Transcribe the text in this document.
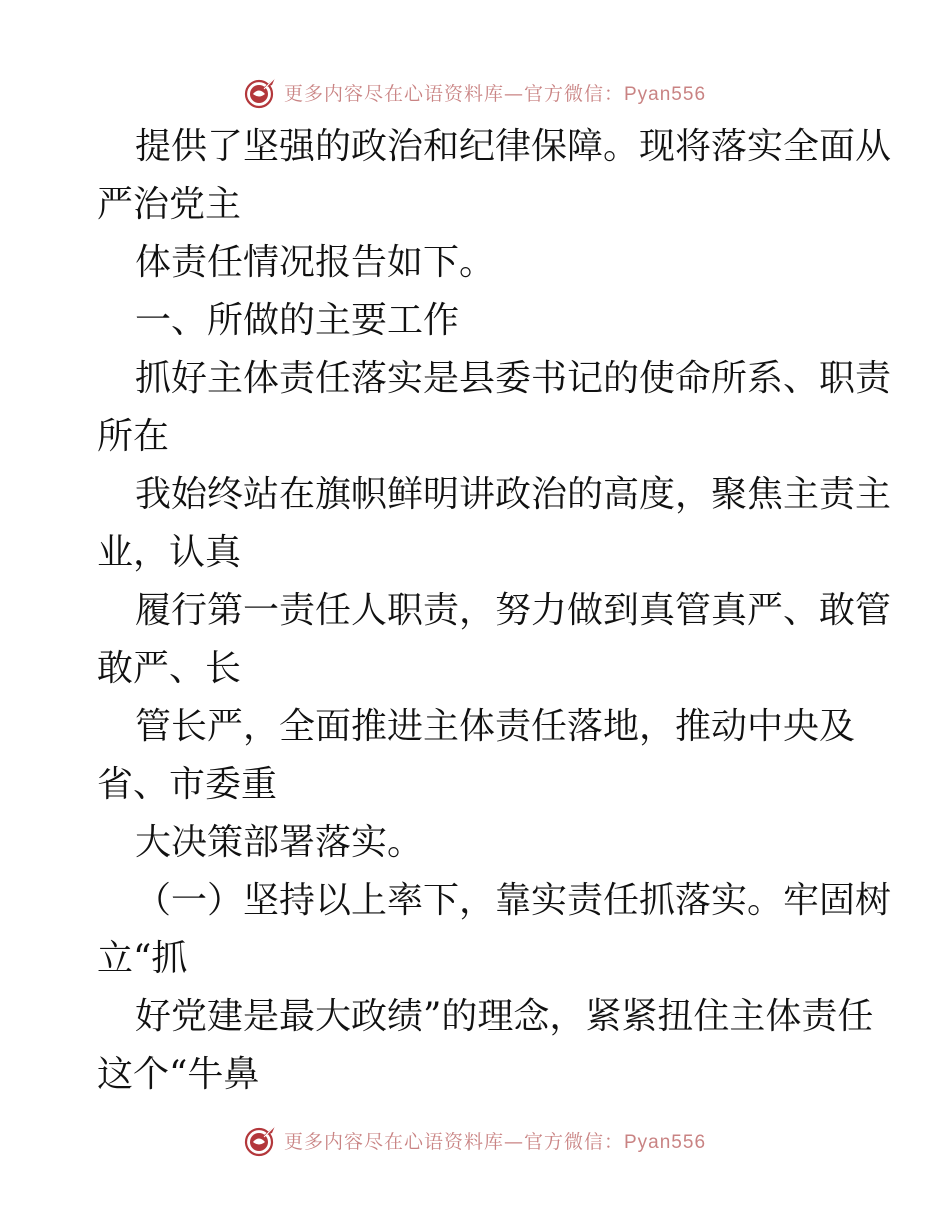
更多内容尽在心语资料库—官方微信：Pyan556

提供了坚强的政治和纪律保障。现将落实全面从

严治党主

体责任情况报告如下。

一、所做的主要工作

抓好主体责任落实是县委书记的使命所系、职责

所在

我始终站在旗帜鲜明讲政治的高度，聚焦主责主

业，认真

履行第一责任人职责，努力做到真管真严、敢管

敢严、长

管长严，全面推进主体责任落地，推动中央及

省、市委重

大决策部署落实。

（一）坚持以上率下，靠实责任抓落实。牢固树

立“抓

好党建是最大政绩”的理念，紧紧扭住主体责任

这个“牛鼻

更多内容尽在心语资料库—官方微信：Pyan556
